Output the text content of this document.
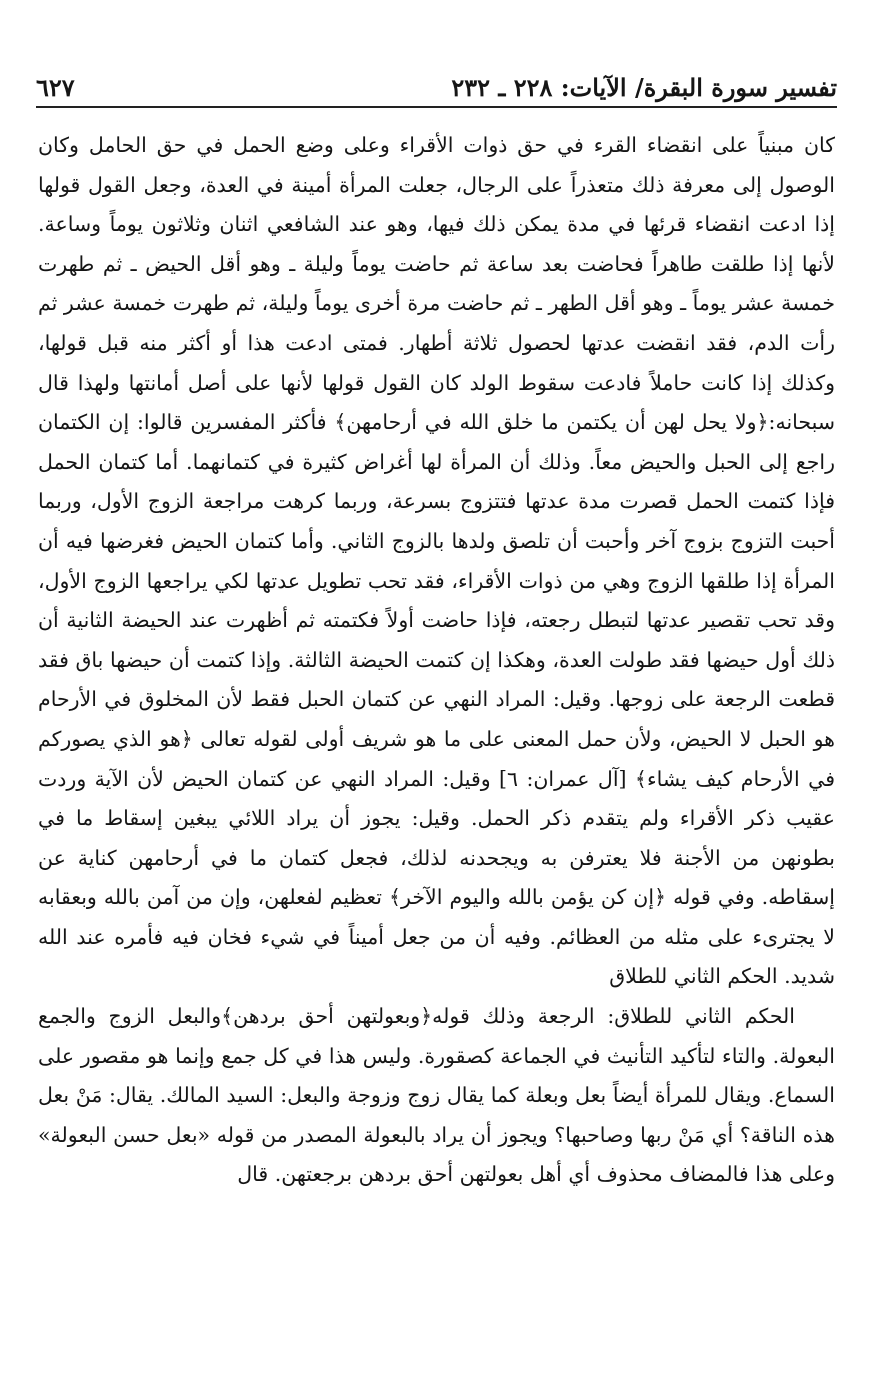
تفسير سورة البقرة/ الآيات: ٢٢٨ ـ ٢٣٢
٦٢٧

كان مبنياً على انقضاء القرء في حق ذوات الأقراء وعلى وضع الحمل في حق الحامل وكان الوصول إلى معرفة ذلك متعذراً على الرجال، جعلت المرأة أمينة في العدة، وجعل القول قولها إذا ادعت انقضاء قرئها في مدة يمكن ذلك فيها، وهو عند الشافعي اثنان وثلاثون يوماً وساعة. لأنها إذا طلقت طاهراً فحاضت بعد ساعة ثم حاضت يوماً وليلة ـ وهو أقل الحيض ـ ثم طهرت خمسة عشر يوماً ـ وهو أقل الطهر ـ ثم حاضت مرة أخرى يوماً وليلة، ثم طهرت خمسة عشر ثم رأت الدم، فقد انقضت عدتها لحصول ثلاثة أطهار. فمتى ادعت هذا أو أكثر منه قبل قولها، وكذلك إذا كانت حاملاً فادعت سقوط الولد كان القول قولها لأنها على أصل أمانتها ولهذا قال سبحانه:﴿ولا يحل لهن أن يكتمن ما خلق الله في أرحامهن﴾ فأكثر المفسرين قالوا: إن الكتمان راجع إلى الحبل والحيض معاً. وذلك أن المرأة لها أغراض كثيرة في كتمانهما. أما كتمان الحمل فإذا كتمت الحمل قصرت مدة عدتها فتتزوج بسرعة، وربما كرهت مراجعة الزوج الأول، وربما أحبت التزوج بزوج آخر وأحبت أن تلصق ولدها بالزوج الثاني. وأما كتمان الحيض فغرضها فيه أن المرأة إذا طلقها الزوج وهي من ذوات الأقراء، فقد تحب تطويل عدتها لكي يراجعها الزوج الأول، وقد تحب تقصير عدتها لتبطل رجعته، فإذا حاضت أولاً فكتمته ثم أظهرت عند الحيضة الثانية أن ذلك أول حيضها فقد طولت العدة، وهكذا إن كتمت الحيضة الثالثة. وإذا كتمت أن حيضها باق فقد قطعت الرجعة على زوجها. وقيل: المراد النهي عن كتمان الحبل فقط لأن المخلوق في الأرحام هو الحبل لا الحيض، ولأن حمل المعنى على ما هو شريف أولى لقوله تعالى ﴿هو الذي يصوركم في الأرحام كيف يشاء﴾ [آل عمران: ٦] وقيل: المراد النهي عن كتمان الحيض لأن الآية وردت عقيب ذكر الأقراء ولم يتقدم ذكر الحمل. وقيل: يجوز أن يراد اللائي يبغين إسقاط ما في بطونهن من الأجنة فلا يعترفن به ويجحدنه لذلك، فجعل كتمان ما في أرحامهن كناية عن إسقاطه. وفي قوله ﴿إن كن يؤمن بالله واليوم الآخر﴾ تعظيم لفعلهن، وإن من آمن بالله وبعقابه لا يجترىء على مثله من العظائم. وفيه أن من جعل أميناً في شيء فخان فيه فأمره عند الله شديد. الحكم الثاني للطلاق

الحكم الثاني للطلاق: الرجعة وذلك قوله﴿وبعولتهن أحق بردهن﴾والبعل الزوج والجمع البعولة. والتاء لتأكيد التأنيث في الجماعة كصقورة. وليس هذا في كل جمع وإنما هو مقصور على السماع. ويقال للمرأة أيضاً بعل وبعلة كما يقال زوج وزوجة والبعل: السيد المالك. يقال: مَنْ بعل هذه الناقة؟ أي مَنْ ربها وصاحبها؟ ويجوز أن يراد بالبعولة المصدر من قوله «بعل حسن البعولة» وعلى هذا فالمضاف محذوف أي أهل بعولتهن أحق بردهن برجعتهن. قال
